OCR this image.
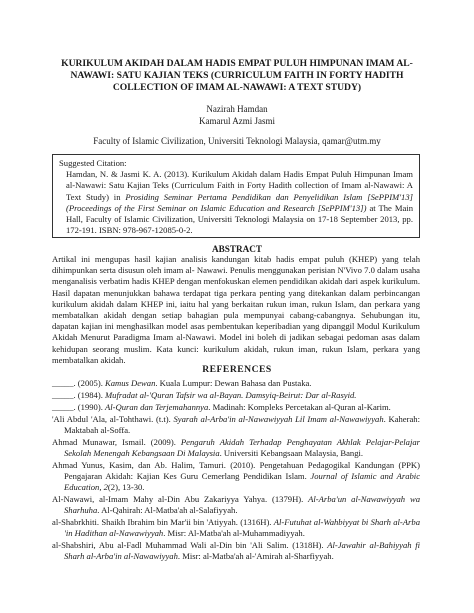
KURIKULUM AKIDAH DALAM HADIS EMPAT PULUH HIMPUNAN IMAM AL-NAWAWI: SATU KAJIAN TEKS (CURRICULUM FAITH IN FORTY HADITH COLLECTION OF IMAM AL-NAWAWI: A TEXT STUDY)
Nazirah Hamdan
Kamarul Azmi Jasmi
Faculty of Islamic Civilization, Universiti Teknologi Malaysia, qamar@utm.my
Suggested Citation:
Hamdan, N. & Jasmi K. A. (2013). Kurikulum Akidah dalam Hadis Empat Puluh Himpunan Imam al-Nawawi: Satu Kajian Teks (Curriculum Faith in Forty Hadith collection of Imam al-Nawawi: A Text Study) in Prosiding Seminar Pertama Pendidikan dan Penyelidikan Islam [SePPIM'13] (Proceedings of the First Seminar on Islamic Education and Research [SePPIM'13]) at The Main Hall, Faculty of Islamic Civilization, Universiti Teknologi Malaysia on 17-18 September 2013, pp. 172-191. ISBN: 978-967-12085-0-2.
ABSTRACT

Artikal ini mengupas hasil kajian analisis kandungan kitab hadis empat puluh (KHEP) yang telah dihimpunkan serta disusun oleh imam al- Nawawi. Penulis menggunakan perisian N'Vivo 7.0 dalam usaha menganalisis verbatim hadis KHEP dengan menfokuskan elemen pendidikan akidah dari aspek kurikulum. Hasil dapatan menunjukkan bahawa terdapat tiga perkara penting yang ditekankan dalam perbincangan kurikulum akidah dalam KHEP ini, iaitu hal yang berkaitan rukun iman, rukun Islam, dan perkara yang membatalkan akidah dengan setiap bahagian pula mempunyai cabang-cabangnya. Sehubungan itu, dapatan kajian ini menghasilkan model asas pembentukan keperibadian yang dipanggil Modul Kurikulum Akidah Menurut Paradigma Imam al-Nawawi. Model ini boleh di jadikan sebagai pedoman asas dalam kehidupan seorang muslim. Kata kunci: kurikulum akidah, rukun iman, rukun Islam, perkara yang membatalkan akidah.

REFERENCES
_____. (2005). Kamus Dewan. Kuala Lumpur: Dewan Bahasa dan Pustaka.
_____. (1984). Mufradat al-'Quran Tafsir wa al-Bayan. Damsyiq-Beirut: Dar al-Rasyid.
_____. (1990). Al-Quran dan Terjemahannya. Madinah: Kompleks Percetakan al-Quran al-Karim.
'Ali Abdul 'Ala, al-Tohthawi. (t.t). Syarah al-Arba'in al-Nawawiyyah Lil Imam al-Nawawiyyah. Kaherah: Maktabah al-Soffa.
Ahmad Munawar, Ismail. (2009). Pengaruh Akidah Terhadap Penghayatan Akhlak Pelajar-Pelajar Sekolah Menengah Kebangsaan Di Malaysia. Universiti Kebangsaan Malaysia, Bangi.
Ahmad Yunus, Kasim, dan Ab. Halim, Tamuri. (2010). Pengetahuan Pedagogikal Kandungan (PPK) Pengajaran Akidah: Kajian Kes Guru Cemerlang Pendidikan Islam. Journal of Islamic and Arabic Education, 2(2), 13-30.
Al-Nawawi, al-Imam Mahy al-Din Abu Zakariyya Yahya. (1379H). Al-Arba'un al-Nawawiyyah wa Sharhuha. Al-Qahirah: Al-Matba'ah al-Salafiyyah.
al-Shabrkhiti. Shaikh Ibrahim bin Mar'ii bin 'Atiyyah. (1316H). Al-Futuhat al-Wahbiyyat bi Sharh al-Arba 'in Hadithan al-Nawawiyyah. Misr: Al-Matba'ah al-Muhammadiyyah.
al-Shabshiri, Abu al-Fadl Muhammad Wali al-Din bin 'Ali Salim. (1318H). Al-Jawahir al-Bahiyyah fi Sharh al-Arba'in al-Nawawiyyah. Misr: al-Matba'ah al-'Amirah al-Sharfiyyah.
